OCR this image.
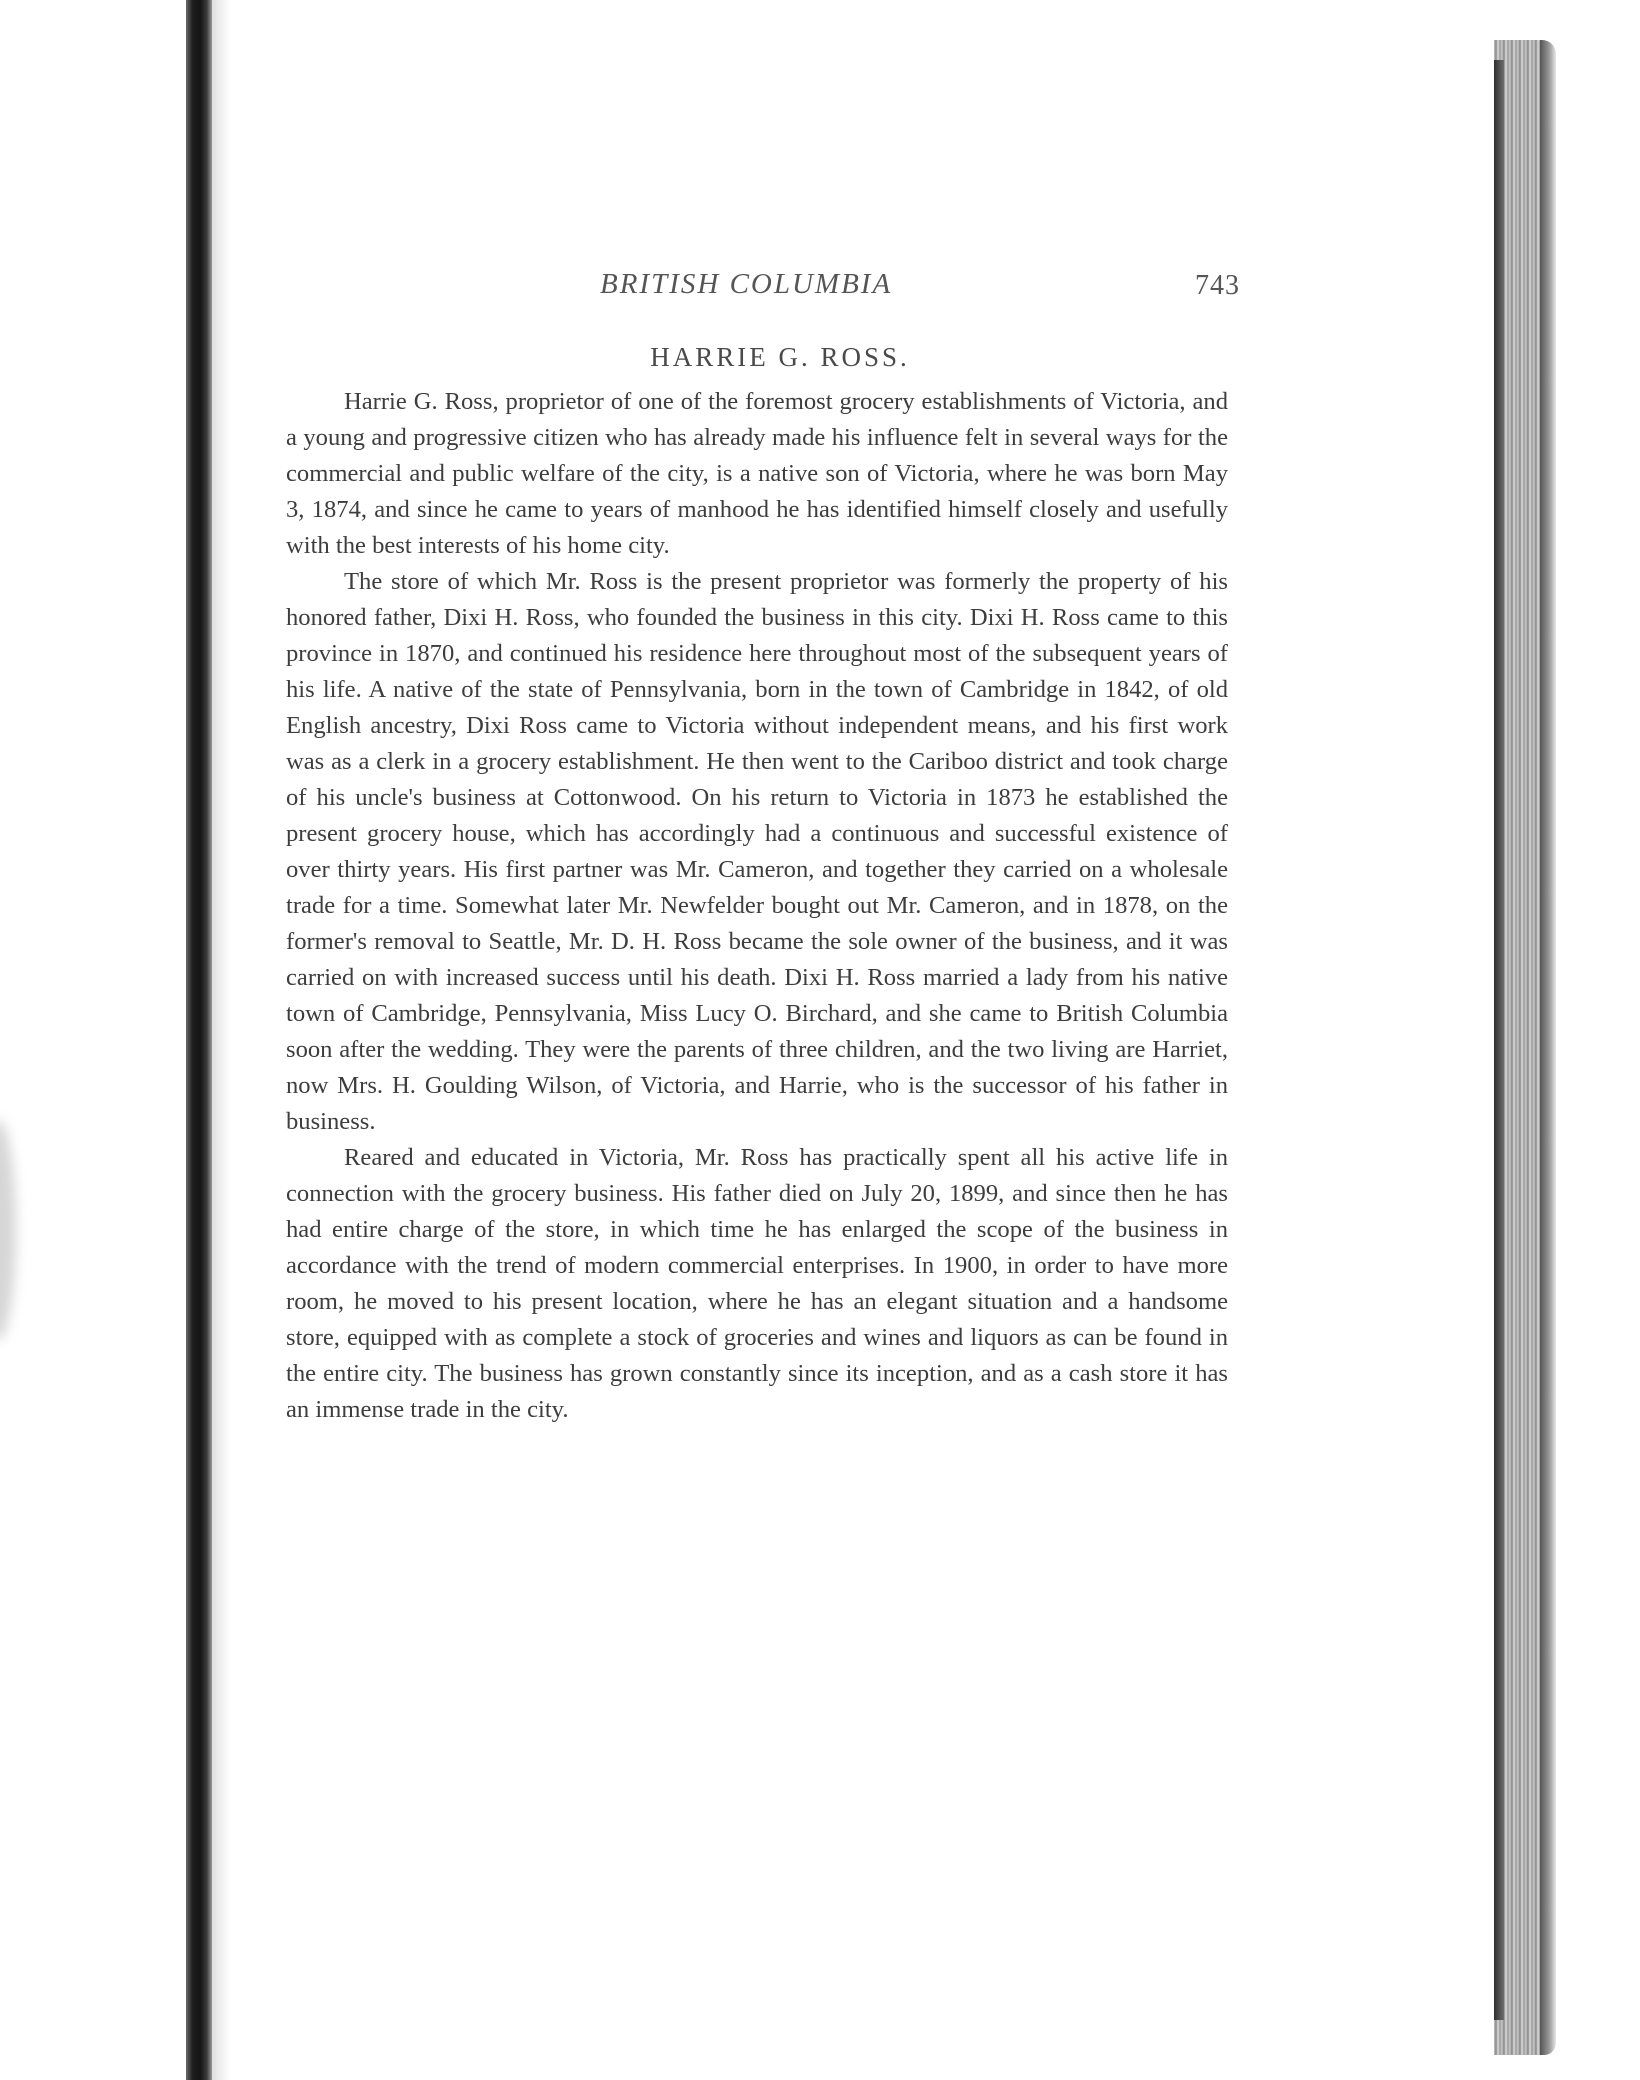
BRITISH COLUMBIA	743
HARRIE G. ROSS.

Harrie G. Ross, proprietor of one of the foremost grocery establishments of Victoria, and a young and progressive citizen who has already made his influence felt in several ways for the commercial and public welfare of the city, is a native son of Victoria, where he was born May 3, 1874, and since he came to years of manhood he has identified himself closely and usefully with the best interests of his home city.

The store of which Mr. Ross is the present proprietor was formerly the property of his honored father, Dixi H. Ross, who founded the business in this city. Dixi H. Ross came to this province in 1870, and continued his residence here throughout most of the subsequent years of his life. A native of the state of Pennsylvania, born in the town of Cambridge in 1842, of old English ancestry, Dixi Ross came to Victoria without independent means, and his first work was as a clerk in a grocery establishment. He then went to the Cariboo district and took charge of his uncle's business at Cottonwood. On his return to Victoria in 1873 he established the present grocery house, which has accordingly had a continuous and successful existence of over thirty years. His first partner was Mr. Cameron, and together they carried on a wholesale trade for a time. Somewhat later Mr. Newfelder bought out Mr. Cameron, and in 1878, on the former's removal to Seattle, Mr. D. H. Ross became the sole owner of the business, and it was carried on with increased success until his death. Dixi H. Ross married a lady from his native town of Cambridge, Pennsylvania, Miss Lucy O. Birchard, and she came to British Columbia soon after the wedding. They were the parents of three children, and the two living are Harriet, now Mrs. H. Goulding Wilson, of Victoria, and Harrie, who is the successor of his father in business.

Reared and educated in Victoria, Mr. Ross has practically spent all his active life in connection with the grocery business. His father died on July 20, 1899, and since then he has had entire charge of the store, in which time he has enlarged the scope of the business in accordance with the trend of modern commercial enterprises. In 1900, in order to have more room, he moved to his present location, where he has an elegant situation and a handsome store, equipped with as complete a stock of groceries and wines and liquors as can be found in the entire city. The business has grown constantly since its inception, and as a cash store it has an immense trade in the city.
